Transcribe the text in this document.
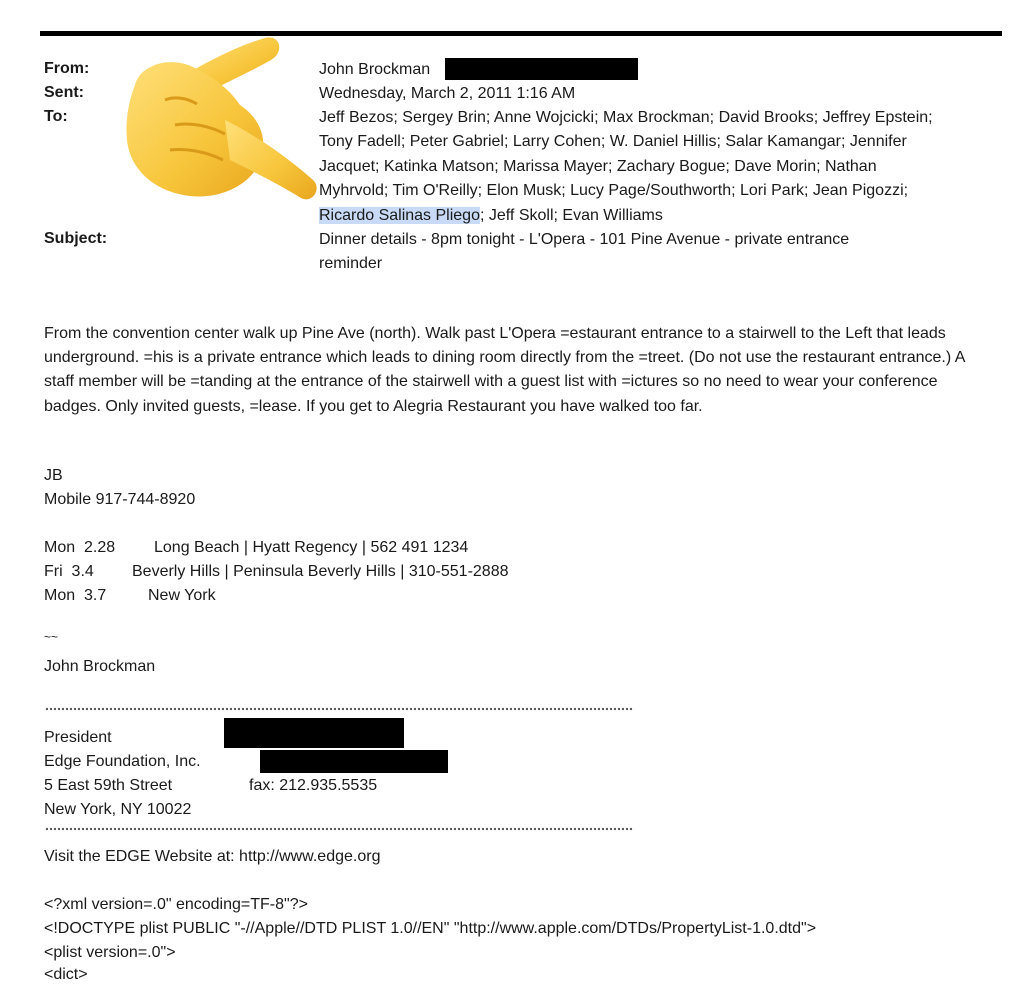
From:
Sent:
To:
Subject:
John Brockman
Wednesday, March 2, 2011 1:16 AM
Jeff Bezos; Sergey Brin; Anne Wojcicki; Max Brockman; David Brooks; Jeffrey Epstein;
Tony Fadell; Peter Gabriel; Larry Cohen; W. Daniel Hillis; Salar Kamangar; Jennifer
Jacquet; Katinka Matson; Marissa Mayer; Zachary Bogue; Dave Morin; Nathan
Myhrvold; Tim O'Reilly; Elon Musk; Lucy Page/Southworth; Lori Park; Jean Pigozzi;
Ricardo Salinas Pliego; Jeff Skoll; Evan Williams
Dinner details - 8pm tonight - L'Opera - 101 Pine Avenue - private entrance
reminder

From the convention center walk up Pine Ave (north). Walk past L'Opera =estaurant entrance to a stairwell to the Left that leads underground. =his is a private entrance which leads to dining room directly from the =treet. (Do not use the restaurant entrance.) A staff member will be =tanding at the entrance of the stairwell with a guest list with =ictures so no need to wear your conference badges. Only invited guests, =lease. If you get to Alegria Restaurant you have walked too far.

JB
Mobile 917-744-8920
Mon  2.28 Long Beach | Hyatt Regency | 562 491 1234
Fri  3.4 Beverly Hills | Peninsula Beverly Hills | 310-551-2888
Mon  3.7	New York
~~
John Brockman
President
Edge Foundation, Inc.
5 East 59th Street	fax: 212.935.5535
New York, NY 10022
Visit the EDGE Website at: http://www.edge.org
<?xml version=.0" encoding=TF-8"?>
<!DOCTYPE plist PUBLIC "-//Apple//DTD PLIST 1.0//EN" "http://www.apple.com/DTDs/PropertyList-1.0.dtd">
<plist version=.0">
<dict>
